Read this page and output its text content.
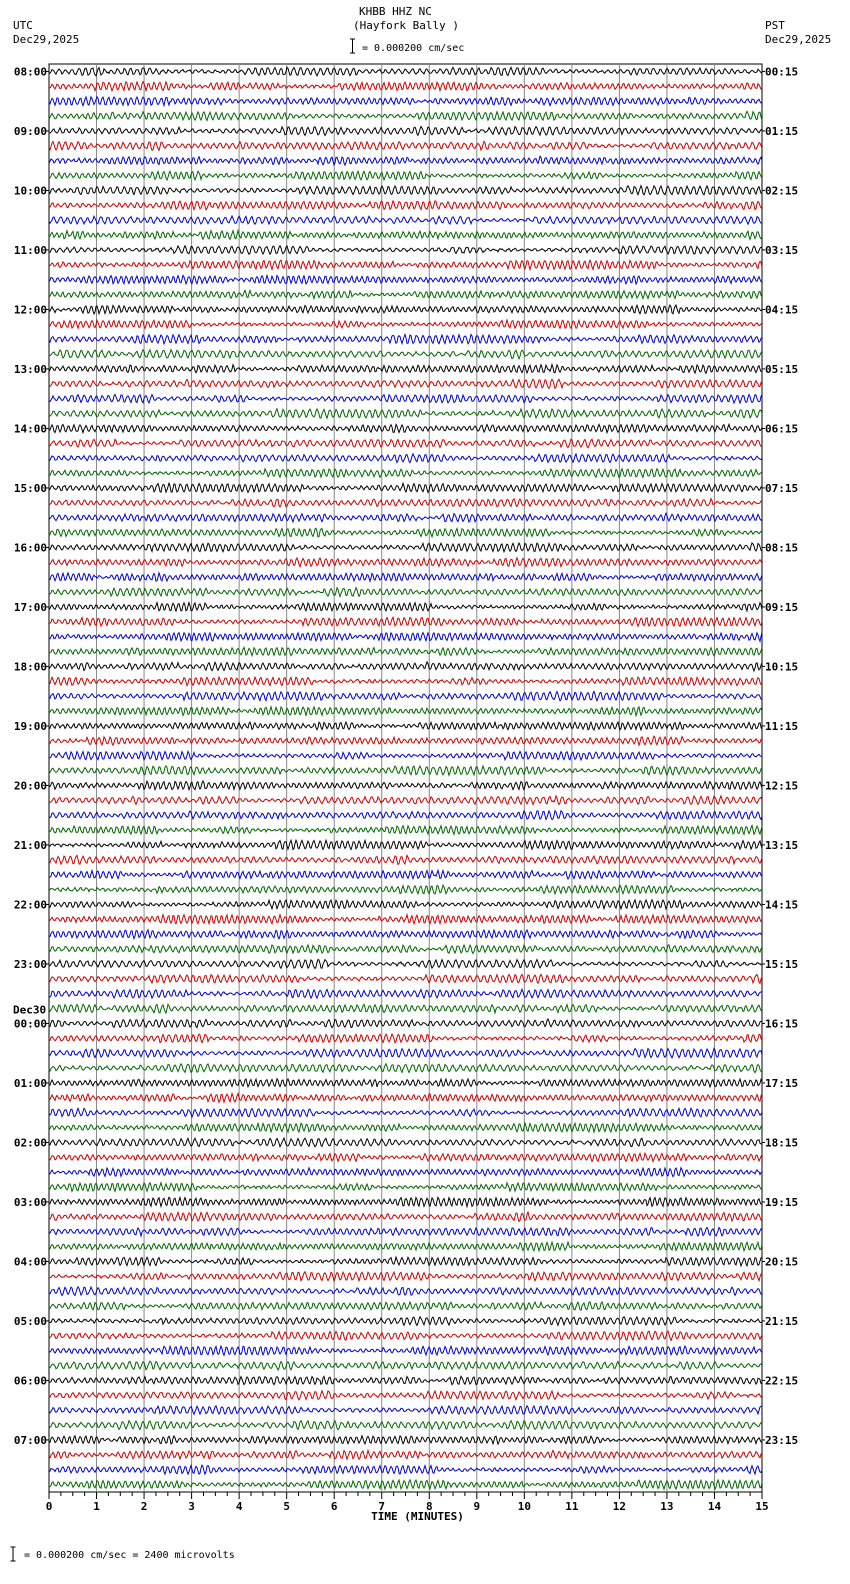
KHBB HHZ NC
(Hayfork Bally )
= 0.000200 cm/sec
UTC
Dec29,2025
PST
Dec29,2025
08:00
09:00
10:00
11:00
12:00
13:00
14:00
15:00
16:00
17:00
18:00
19:00
20:00
21:00
22:00
23:00
00:00
01:00
02:00
03:00
04:00
05:00
06:00
07:00
00:15
01:15
02:15
03:15
04:15
05:15
06:15
07:15
08:15
09:15
10:15
11:15
12:15
13:15
14:15
15:15
16:15
17:15
18:15
19:15
20:15
21:15
22:15
23:15
Dec30
0	1	2	3	4	5	6	7	8	9	10	11	12	13	14	15
TIME (MINUTES)
= 0.000200 cm/sec = 2400 microvolts
